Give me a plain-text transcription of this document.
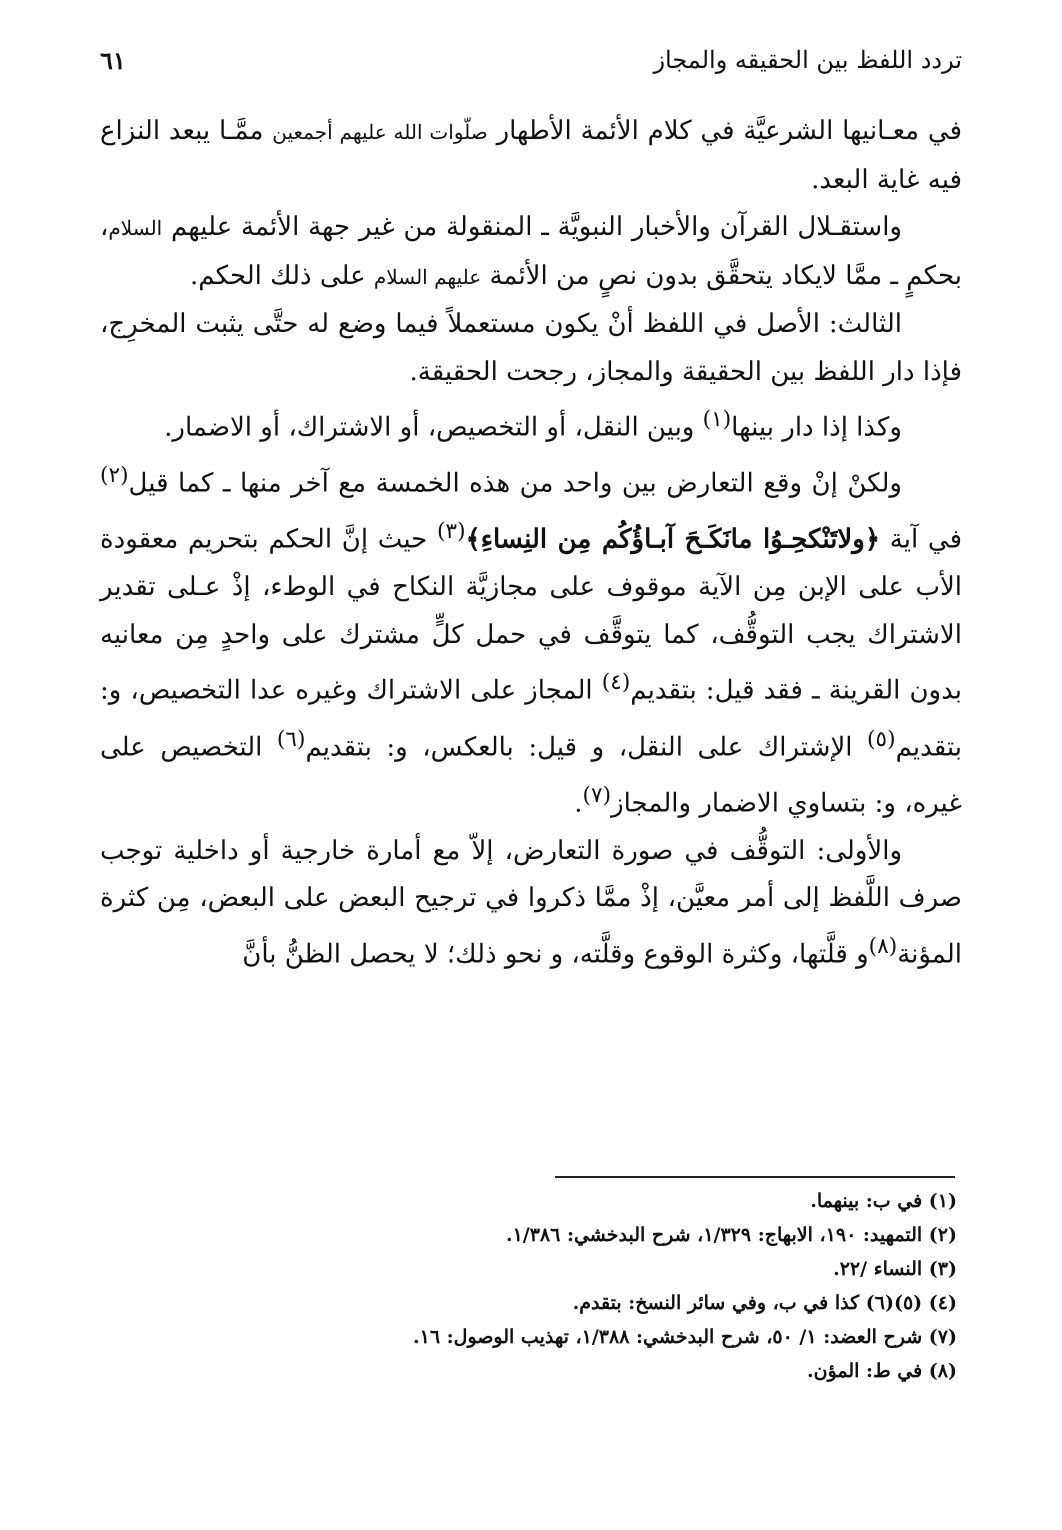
تردد اللفظ بين الحقيقه والمجاز
٦١

في معـانيها الشرعيَّة في كلام الأئمة الأطهار صلّوات الله عليهم أجمعين ممَّـا يبعد النزاع فيه غاية البعد.

واستقـلال القرآن والأخبار النبويَّة ـ المنقولة من غير جهة الأئمة عليهم السلام، بحكمٍ ـ ممَّا لايكاد يتحقَّق بدون نصٍ من الأئمة عليهم السلام على ذلك الحكم.

الثالث: الأصل في اللفظ أنْ يكون مستعملاً فيما وضع له حتَّى يثبت المخرِج، فإذا دار اللفظ بين الحقيقة والمجاز، رجحت الحقيقة.

وكذا إذا دار بينها$^{(١)}$ وبين النقل، أو التخصيص، أو الاشتراك، أو الاضمار.

ولكنْ إنْ وقع التعارض بين واحد من هذه الخمسة مع آخر منها ـ كما قيل$^{(٢)}$ في آية ﴿ولاتَنْكحِـوُا مانَكَـحَ آبـاؤُكُم مِن النِساءِ﴾$^{(٣)}$ حيث إنَّ الحكم بتحريم معقودة الأب على الإبن مِن الآية موقوف على مجازيَّة النكاح في الوطء، إذْ عـلى تقدير الاشتراك يجب التوقُّف، كما يتوقَّف في حمل كلٍّ مشترك على واحدٍ مِن معانيه بدون القرينة ـ فقد قيل: بتقديم$^{(٤)}$ المجاز على الاشتراك وغيره عدا التخصيص، و: بتقديم$^{(٥)}$ الإشتراك على النقل، و قيل: بالعكس، و: بتقديم$^{(٦)}$ التخصيص على غيره، و: بتساوي الاضمار والمجاز$^{(٧)}$.

والأولى: التوقُّف في صورة التعارض، إلاّ مع أمارة خارجية أو داخلية توجب صرف اللَّفظ إلى أمر معيَّن، إذْ ممَّا ذكروا في ترجيح البعض على البعض، مِن كثرة المؤنة$^{(٨)}$و قلَّتها، وكثرة الوقوع وقلَّته، و نحو ذلك؛ لا يحصل الظنُّ بأنَّ

(١) في ب: بينهما.
(٢) التمهيد: ١٩٠، الابهاج: ١/٣٢٩، شرح البدخشي: ١/٣٨٦.
(٣) النساء /٢٢.
(٤) (٥)(٦) كذا في ب، وفي سائر النسخ: بتقدم.
(٧) شرح العضد: ١/ ٥٠، شرح البدخشي: ١/٣٨٨، تهذيب الوصول: ١٦.
(٨) في ط: المؤن.
